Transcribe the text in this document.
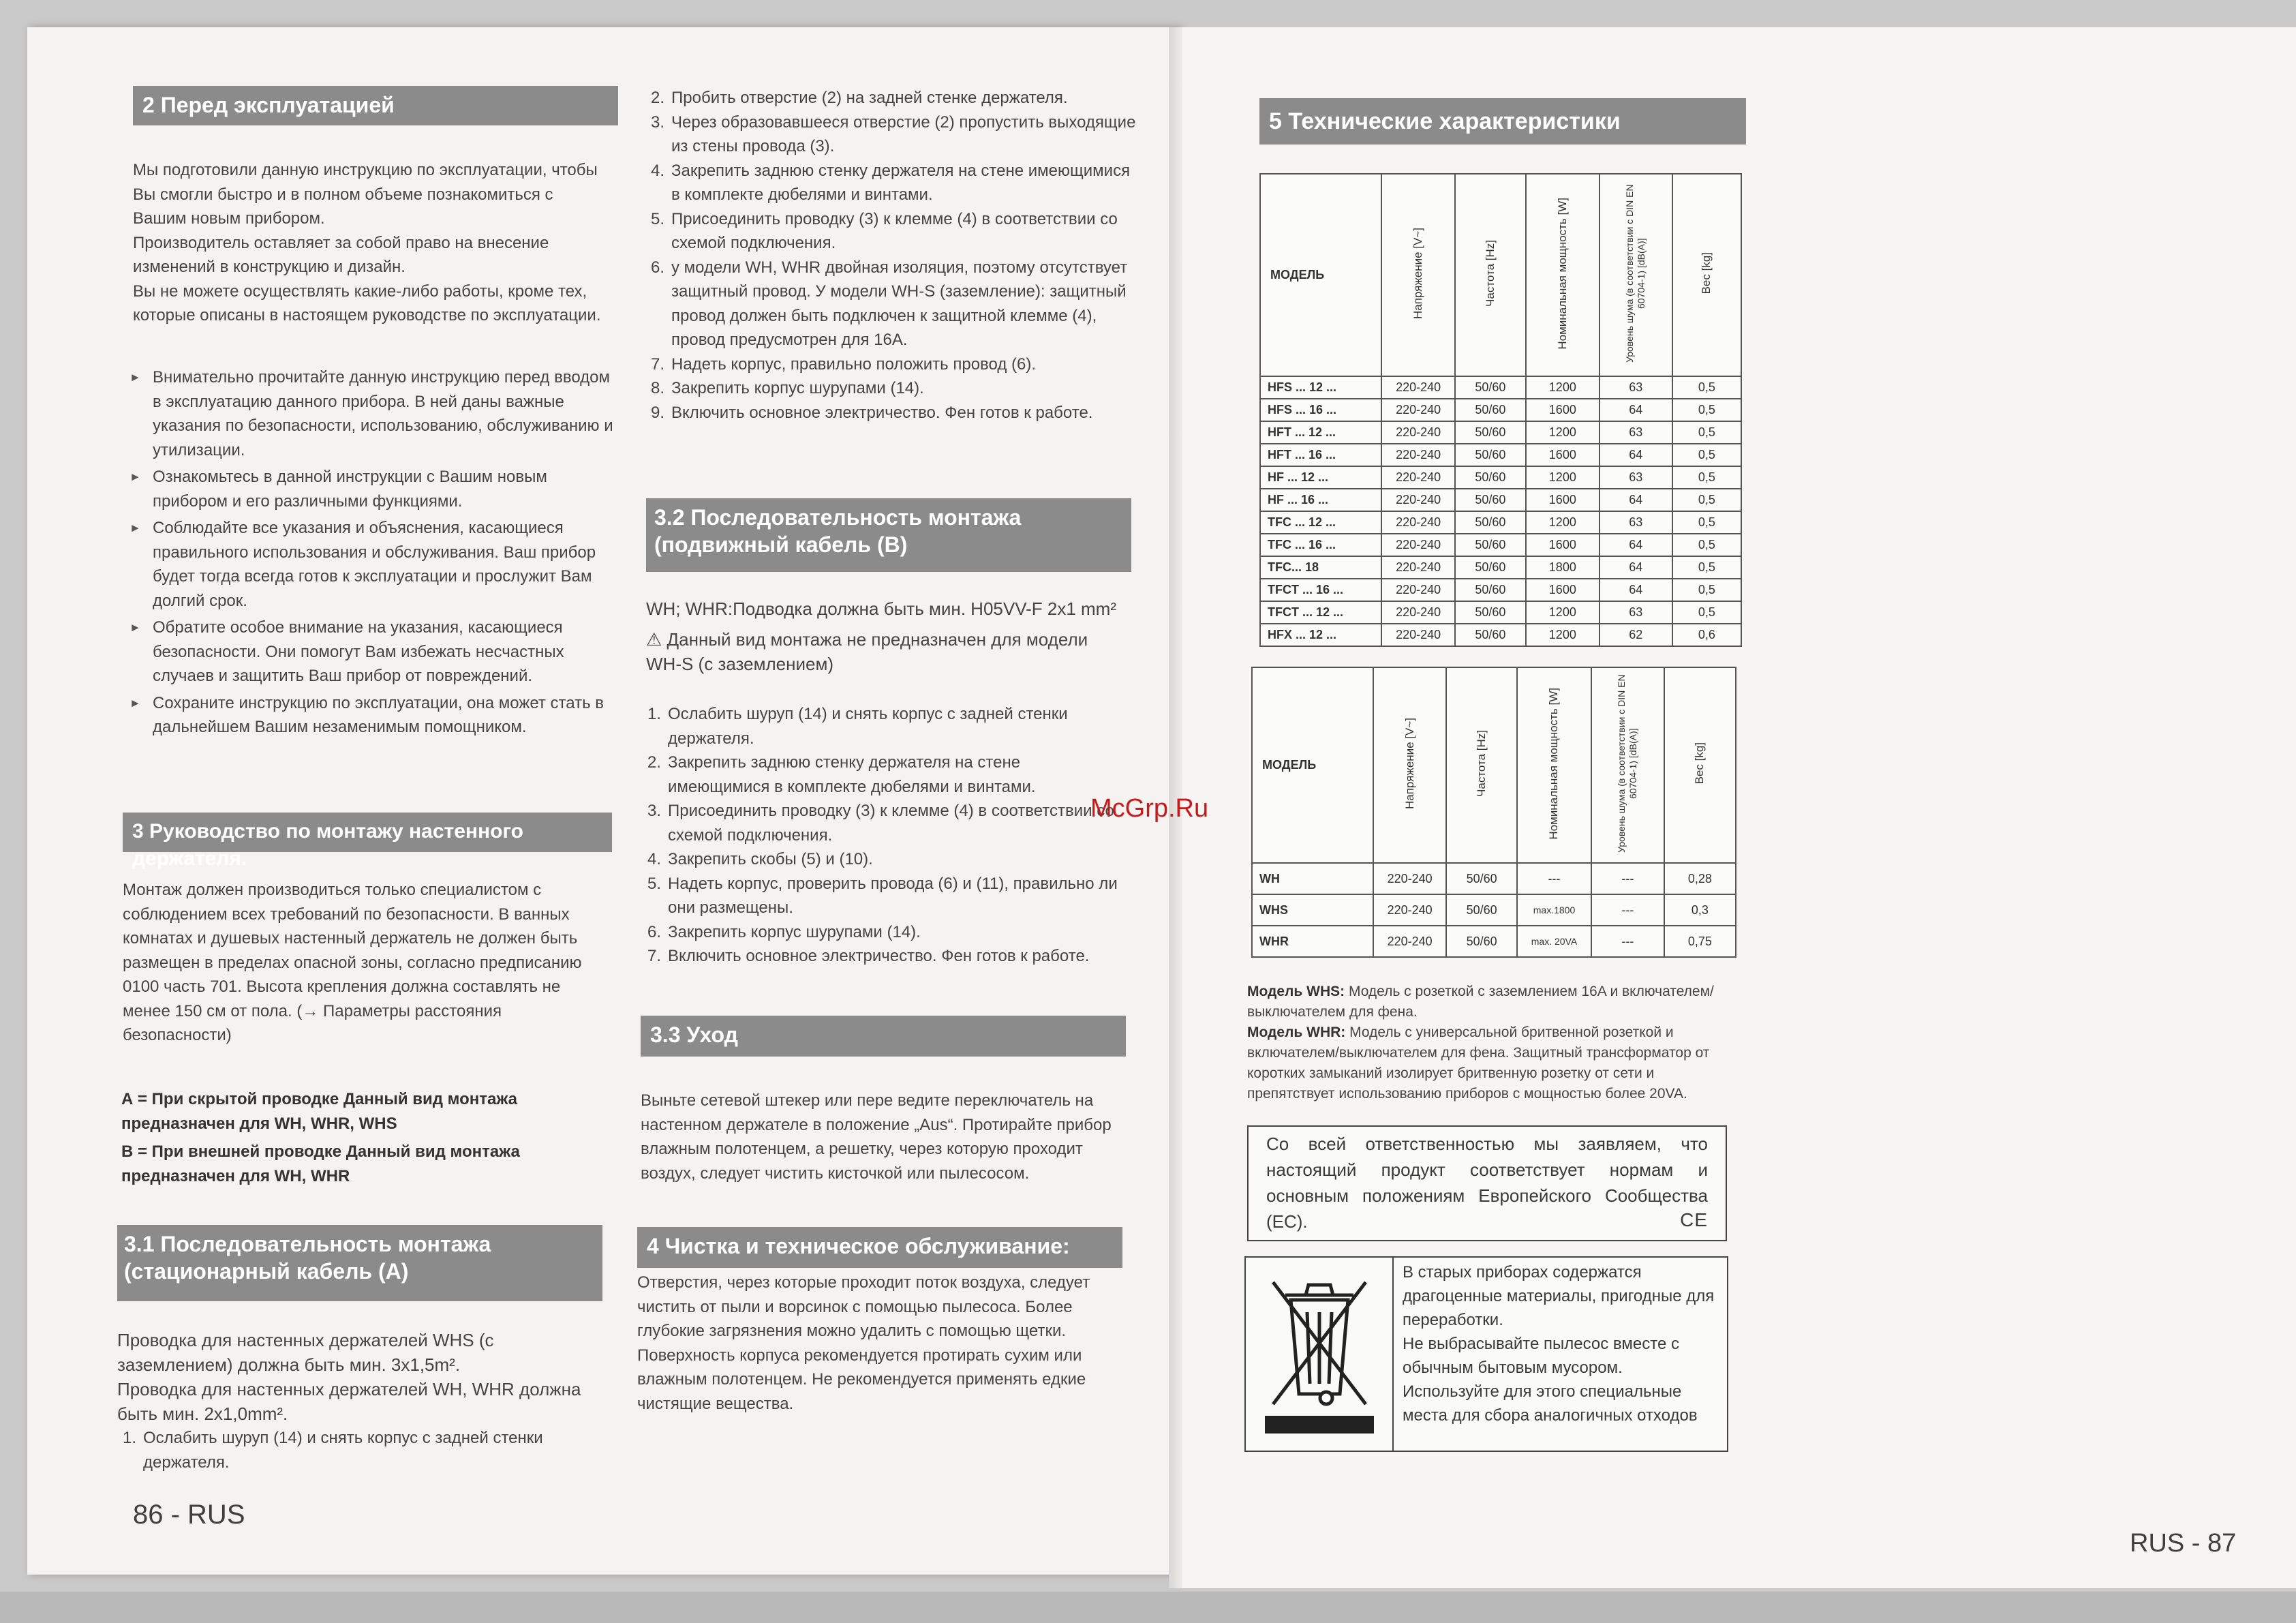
2 Перед эксплуатацией

Мы подготовили данную инструкцию по эксплуатации, чтобы Вы смогли быстро и в полном объеме познакомиться с Вашим новым прибором.

Производитель оставляет за собой право на внесение изменений в конструкцию и дизайн.

Вы не можете осуществлять какие-либо работы, кроме тех, которые описаны в настоящем руководстве по эксплуатации.

► Внимательно прочитайте данную инструкцию перед вводом в эксплуатацию данного прибора. В ней даны важные указания по безопасности, использованию, обслуживанию и утилизации.
► Ознакомьтесь в данной инструкции с Вашим новым прибором и его различными функциями.
► Соблюдайте все указания и объяснения, касающиеся правильного использования и обслуживания. Ваш прибор будет тогда всегда готов к эксплуатации и прослужит Вам долгий срок.
► Обратите особое внимание на указания, касающиеся безопасности. Они помогут Вам избежать несчастных случаев и защитить Ваш прибор от повреждений.
► Сохраните инструкцию по эксплуатации, она может стать в дальнейшем Вашим незаменимым помощником.
3 Руководство по монтажу настенного держателя.

Монтаж должен производиться только специалистом с соблюдением всех требований по безопасности. В ванных комнатах и душевых настенный держатель не должен быть размещен в пределах опасной зоны, согласно предписанию 0100 часть 701. Высота крепления должна составлять не менее 150 см от пола. (→ Параметры расстояния безопасности)

А = При скрытой проводке Данный вид монтажа предназначен для WH, WHR, WHS
В = При внешней проводке Данный вид монтажа предназначен для WH, WHR
3.1 Последовательность монтажа (стационарный кабель (А)

Проводка для настенных держателей WHS (с заземлением) должна быть мин. 3x1,5m².

Проводка для настенных держателей WH, WHR должна быть мин. 2x1,0mm².

1. Ослабить шуруп (14) и снять корпус с задней стенки держателя.
86 - RUS
2. Пробить отверстие (2) на задней стенке держателя.
3. Через образовавшееся отверстие (2) пропустить выходящие из стены провода (3).
4. Закрепить заднюю стенку держателя на стене имеющимися в комплекте дюбелями и винтами.
5. Присоединить проводку (3) к клемме (4) в соответствии со схемой подключения.
6. у модели WH, WHR двойная изоляция, поэтому отсутствует защитный провод. У модели WH-S (заземление): защитный провод должен быть подключен к защитной клемме (4), провод предусмотрен для 16A.
7. Надеть корпус, правильно положить провод (6).
8. Закрепить корпус шурупами (14).
9. Включить основное электричество. Фен готов к работе.
3.2 Последовательность монтажа (подвижный кабель (В)
WH; WHR:Подводка должна быть мин. H05VV-F 2x1 mm²
⚠ Данный вид монтажа не предназначен для модели WH-S (с заземлением)
1. Ослабить шуруп (14) и снять корпус с задней стенки держателя.
2. Закрепить заднюю стенку держателя на стене имеющимися в комплекте дюбелями и винтами.
3. Присоединить проводку (3) к клемме (4) в соответствии со схемой подключения.
4. Закрепить скобы (5) и (10).
5. Надеть корпус, проверить провода (6) и (11), правильно ли они размещены.
6. Закрепить корпус шурупами (14).
7. Включить основное электричество. Фен готов к работе.
3.3 Уход
Выньте сетевой штекер или пере ведите переключатель на настенном держателе в положение „Aus“. Протирайте прибор влажным полотенцем, а решетку, через которую проходит воздух, следует чистить кисточкой или пылесосом.
4 Чистка и техническое обслуживание:
Отверстия, через которые проходит поток воздуха, следует чистить от пыли и ворсинок с помощью пылесоса. Более глубокие загрязнения можно удалить с помощью щетки. Поверхность корпуса рекомендуется протирать сухим или влажным полотенцем. Не рекомендуется применять едкие чистящие вещества.
5 Технические характеристики
МОДЕЛЬ	Напряжение [V~]	Частота [Hz]	Номинальная мощность [W]	Уровень шума (в соответствии с DIN EN 60704-1) [dB(A)]	Вес [kg]
HFS ... 12 ...	220-240	50/60	1200	63	0,5
HFS ... 16 ...	220-240	50/60	1600	64	0,5
HFT ... 12 ...	220-240	50/60	1200	63	0,5
HFT ... 16 ...	220-240	50/60	1600	64	0,5
HF ... 12 ...	220-240	50/60	1200	63	0,5
HF ... 16 ...	220-240	50/60	1600	64	0,5
TFC ... 12 ...	220-240	50/60	1200	63	0,5
TFC ... 16 ...	220-240	50/60	1600	64	0,5
TFC... 18	220-240	50/60	1800	64	0,5
TFCT ... 16 ...	220-240	50/60	1600	64	0,5
TFCT ... 12 ...	220-240	50/60	1200	63	0,5
HFX ... 12 ...	220-240	50/60	1200	62	0,6
МОДЕЛЬ	Напряжение [V~]	Частота [Hz]	Номинальная мощность [W]	Уровень шума (в соответствии с DIN EN 60704-1) [dB(A)]	Вес [kg]
WH	220-240	50/60	---	---	0,28
WHS	220-240	50/60	max.1800	---	0,3
WHR	220-240	50/60	max. 20VA	---	0,75

Модель WHS: Модель с розеткой с заземлением 16A и включателем/выключателем для фена.

Модель WHR: Модель с универсальной бритвенной розеткой и включателем/выключателем для фена. Защитный трансформатор от коротких замыканий изолирует бритвенную розетку от сети и препятствует использованию приборов с мощностью более 20VA.

Со всей ответственностью мы заявляем, что настоящий продукт соответствует нормам и основным положениям Европейского Сообщества (EC).	CE

В старых приборах содержатся драгоценные материалы, пригодные для переработки.

Не выбрасывайте пылесос вместе с обычным бытовым мусором.

Используйте для этого специальные места для сбора аналогичных отходов

RUS - 87
McGrp.Ru
